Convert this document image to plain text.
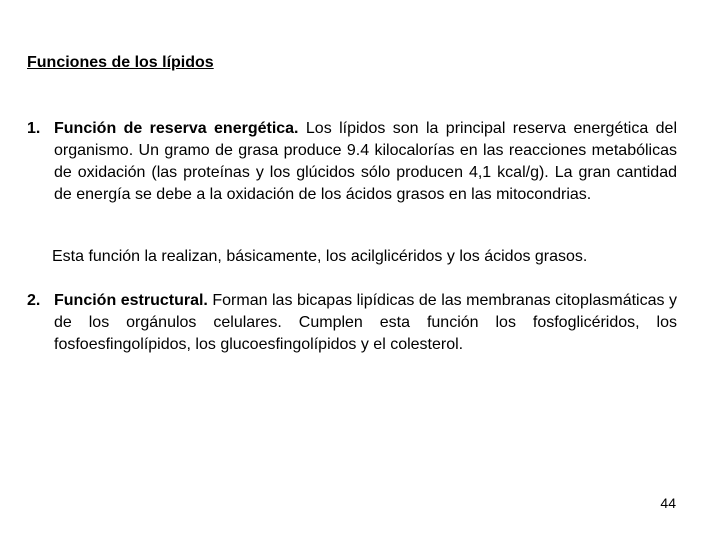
Funciones de los lípidos
1. Función de reserva energética. Los lípidos son la principal reserva energética del organismo. Un gramo de grasa produce 9.4 kilocalorías en las reacciones metabólicas de oxidación (las proteínas y los glúcidos sólo producen 4,1 kcal/g). La gran cantidad de energía se debe a la oxidación de los ácidos grasos en las mitocondrias.

Esta función la realizan, básicamente, los acilglicéridos y los ácidos grasos.
2. Función estructural. Forman las bicapas lipídicas de las membranas citoplasmáticas y de los orgánulos celulares. Cumplen esta función los fosfoglicéridos, los fosfoesfingolípidos, los glucoesfingolípidos y el colesterol.

44
